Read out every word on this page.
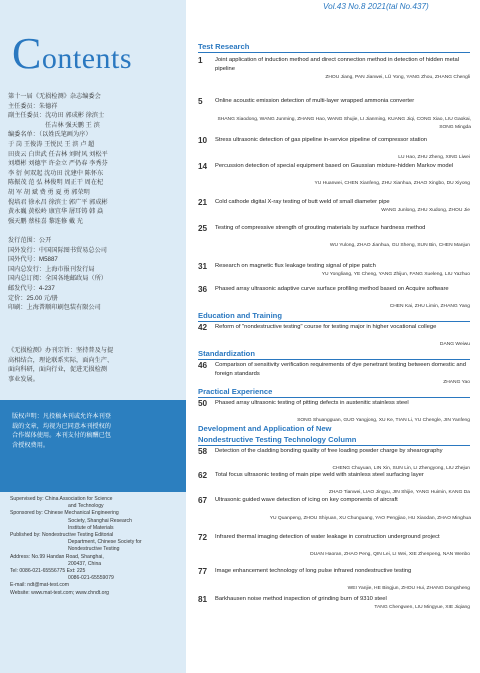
Contents
第十一届《无损检测》杂志编委会
主任委员：朱德祥
副主任委员：沈功田 郭成彬 徐滨士
　　　　　　任吉林 强天鹏 王 滨
编委名单：（以姓氏笔画为序）
于 岗 王俊涛 王悦民 王 滨 卢 超
田贵云 白世武 任吉林 刘时风 刘松平
刘增彬 刘德宇 许金立 严仍春 李秀芬
李 衍 何双起 沈功田 沈建中 陈怀东
陈振茂 范 弘 林俊明 周正干 周在杞
胡 军 胡 斌 费 勇 夏 勇 郭荣明
倪培君 徐永昌 徐滨士 郭广平 郭成彬
黄永巍 黄松岭 康宜华 屠耳铸 韩 焱
强天鹏 蔡桂喜 黎连修 戴 光
发行范围：公开
国外发行：中国国际图书贸易总公司
国外代号：M5887
国内总发行：上海市报刊发行局
国内总订阅：全国各地邮政局（所）
邮发代号：4-237
定价：25.00 元/册
印刷：上海普顺印刷包装有限公司
《无损检测》办刊宗旨：坚持普及与提
高相结合，理论联系实际，面向生产、
面向科研，面向行业，促进无损检测
事业发展。
版权声明：凡投稿本刊或允许本刊登
载的文章，均视为已同意本刊授权的
合作媒体使用。本刊支付的稿酬已包
含授权费用。
Supervised by: China Association for Science
and Technology
Sponsored by: Chinese Mechanical Engineering
Society, Shanghai Research
Institute of Materials
Published by: Nondestructive Testing Editorial
Department, Chinese Society for
Nondestructive Testing
Address: No.99 Handan Road, Shanghai,
200437, China
Tel: 0086-021-65556775 Ext: 225
0086-021-65559079
E-mail: ndt@mat-test.com
Website: www.mat-test.com; www.chndt.org
Vol.43 No.8 2021(tal No.437)
Test Research
Education and Training
Standardization
Practical Experience
Development and Application of New
Nondestructive Testing Technology Column
1 Joint application of induction method and direct connection method in detection of hidden metal pipeline
ZHOU Jiang, PAN Jianwei, LÜ Yong, YANG Zhou, ZHANG Chengli
5 Online acoustic emission detection of multi-layer wrapped ammonia converter
SHANG Xiaodong, WANG Junming, ZHANG Hao, WANG Shujie, LI Jianming, KUANG Jiqi, CONG Xiao, LIU Gaokai, SONG Mingda
10 Stress ultrasonic detection of gas pipeline in-service pipeline of compressor station
LU Hao, ZHU Zheng, XING Liwei
14 Percussion detection of special equipment based on Gaussian mixture-hidden Markov model
YU Huanwei, CHEN Xianfeng, ZHU Xianhua, ZHAO Xingbo, DU Xiyong
21 Cold cathode digital X-ray testing of butt weld of small diameter pipe
WANG Junlong, ZHU Xudong, ZHOU Jie
25 Testing of compressive strength of grouting materials by surface hardness method
WU Yulong, ZHAO Jianhua, GU Sheng, SUN Bin, CHEN Manjun
31 Research on magnetic flux leakage testing signal of pipe patch
YU Yongliang, YE Cheng, YANG Zhijun, FANG Xueleng, LIU Yazhuo
36 Phased array ultrasonic adaptive curve surface profiling method based on Acquire software
CHEN Kai, ZHU Limin, ZHANG Yang
42 Reform of "nondestructive testing" course for testing major in higher vocational college
DANG Weiwu
46 Comparison of sensitivity verification requirements of dye penetrant testing between domestic and foreign standards
ZHANG Yao
50 Phased array ultrasonic testing of pitting defects in austenitic stainless steel
SONG Shuangguan, GUO Yangjong, XU Ke, TIAN Li, YU Chengle, JIN Yanfeng
58 Detection of the cladding bonding quality of free loading powder charge by shearography
CHENG Chuyuan, LIN Xin, SUN Lin, LI Zhengyong, LIU Zhejun
62 Total focus ultrasonic testing of main pipe weld with stainless steel surfacing layer
ZHAO Tianwei, LIAO Jingyu, JIN Shijie, YANG Huimin, KANG Da
67 Ultrasonic guided wave detection of icing on key components of aircraft
YU Quanpeng, ZHOU Shiyuan, XU Chunguang, YAO Pengjiao, HU Xiaodan, ZHAO Minghua
72 Infrared thermal imaging detection of water leakage in construction underground project
DUAN Haoran, ZHAO Peng, QIN Lei, LI Wei, XIE Zhenpeng, NAN Wenbo
77 Image enhancement technology of long pulse infrared nondestructive testing
WEI Yanjie, HE Bingjun, ZHOU Hui, ZHANG Dongsheng
81 Barkhausen noise method inspection of grinding burn of 9310 steel
TANG Chengwen, LIU Mingyue, XIE Jiqiang
